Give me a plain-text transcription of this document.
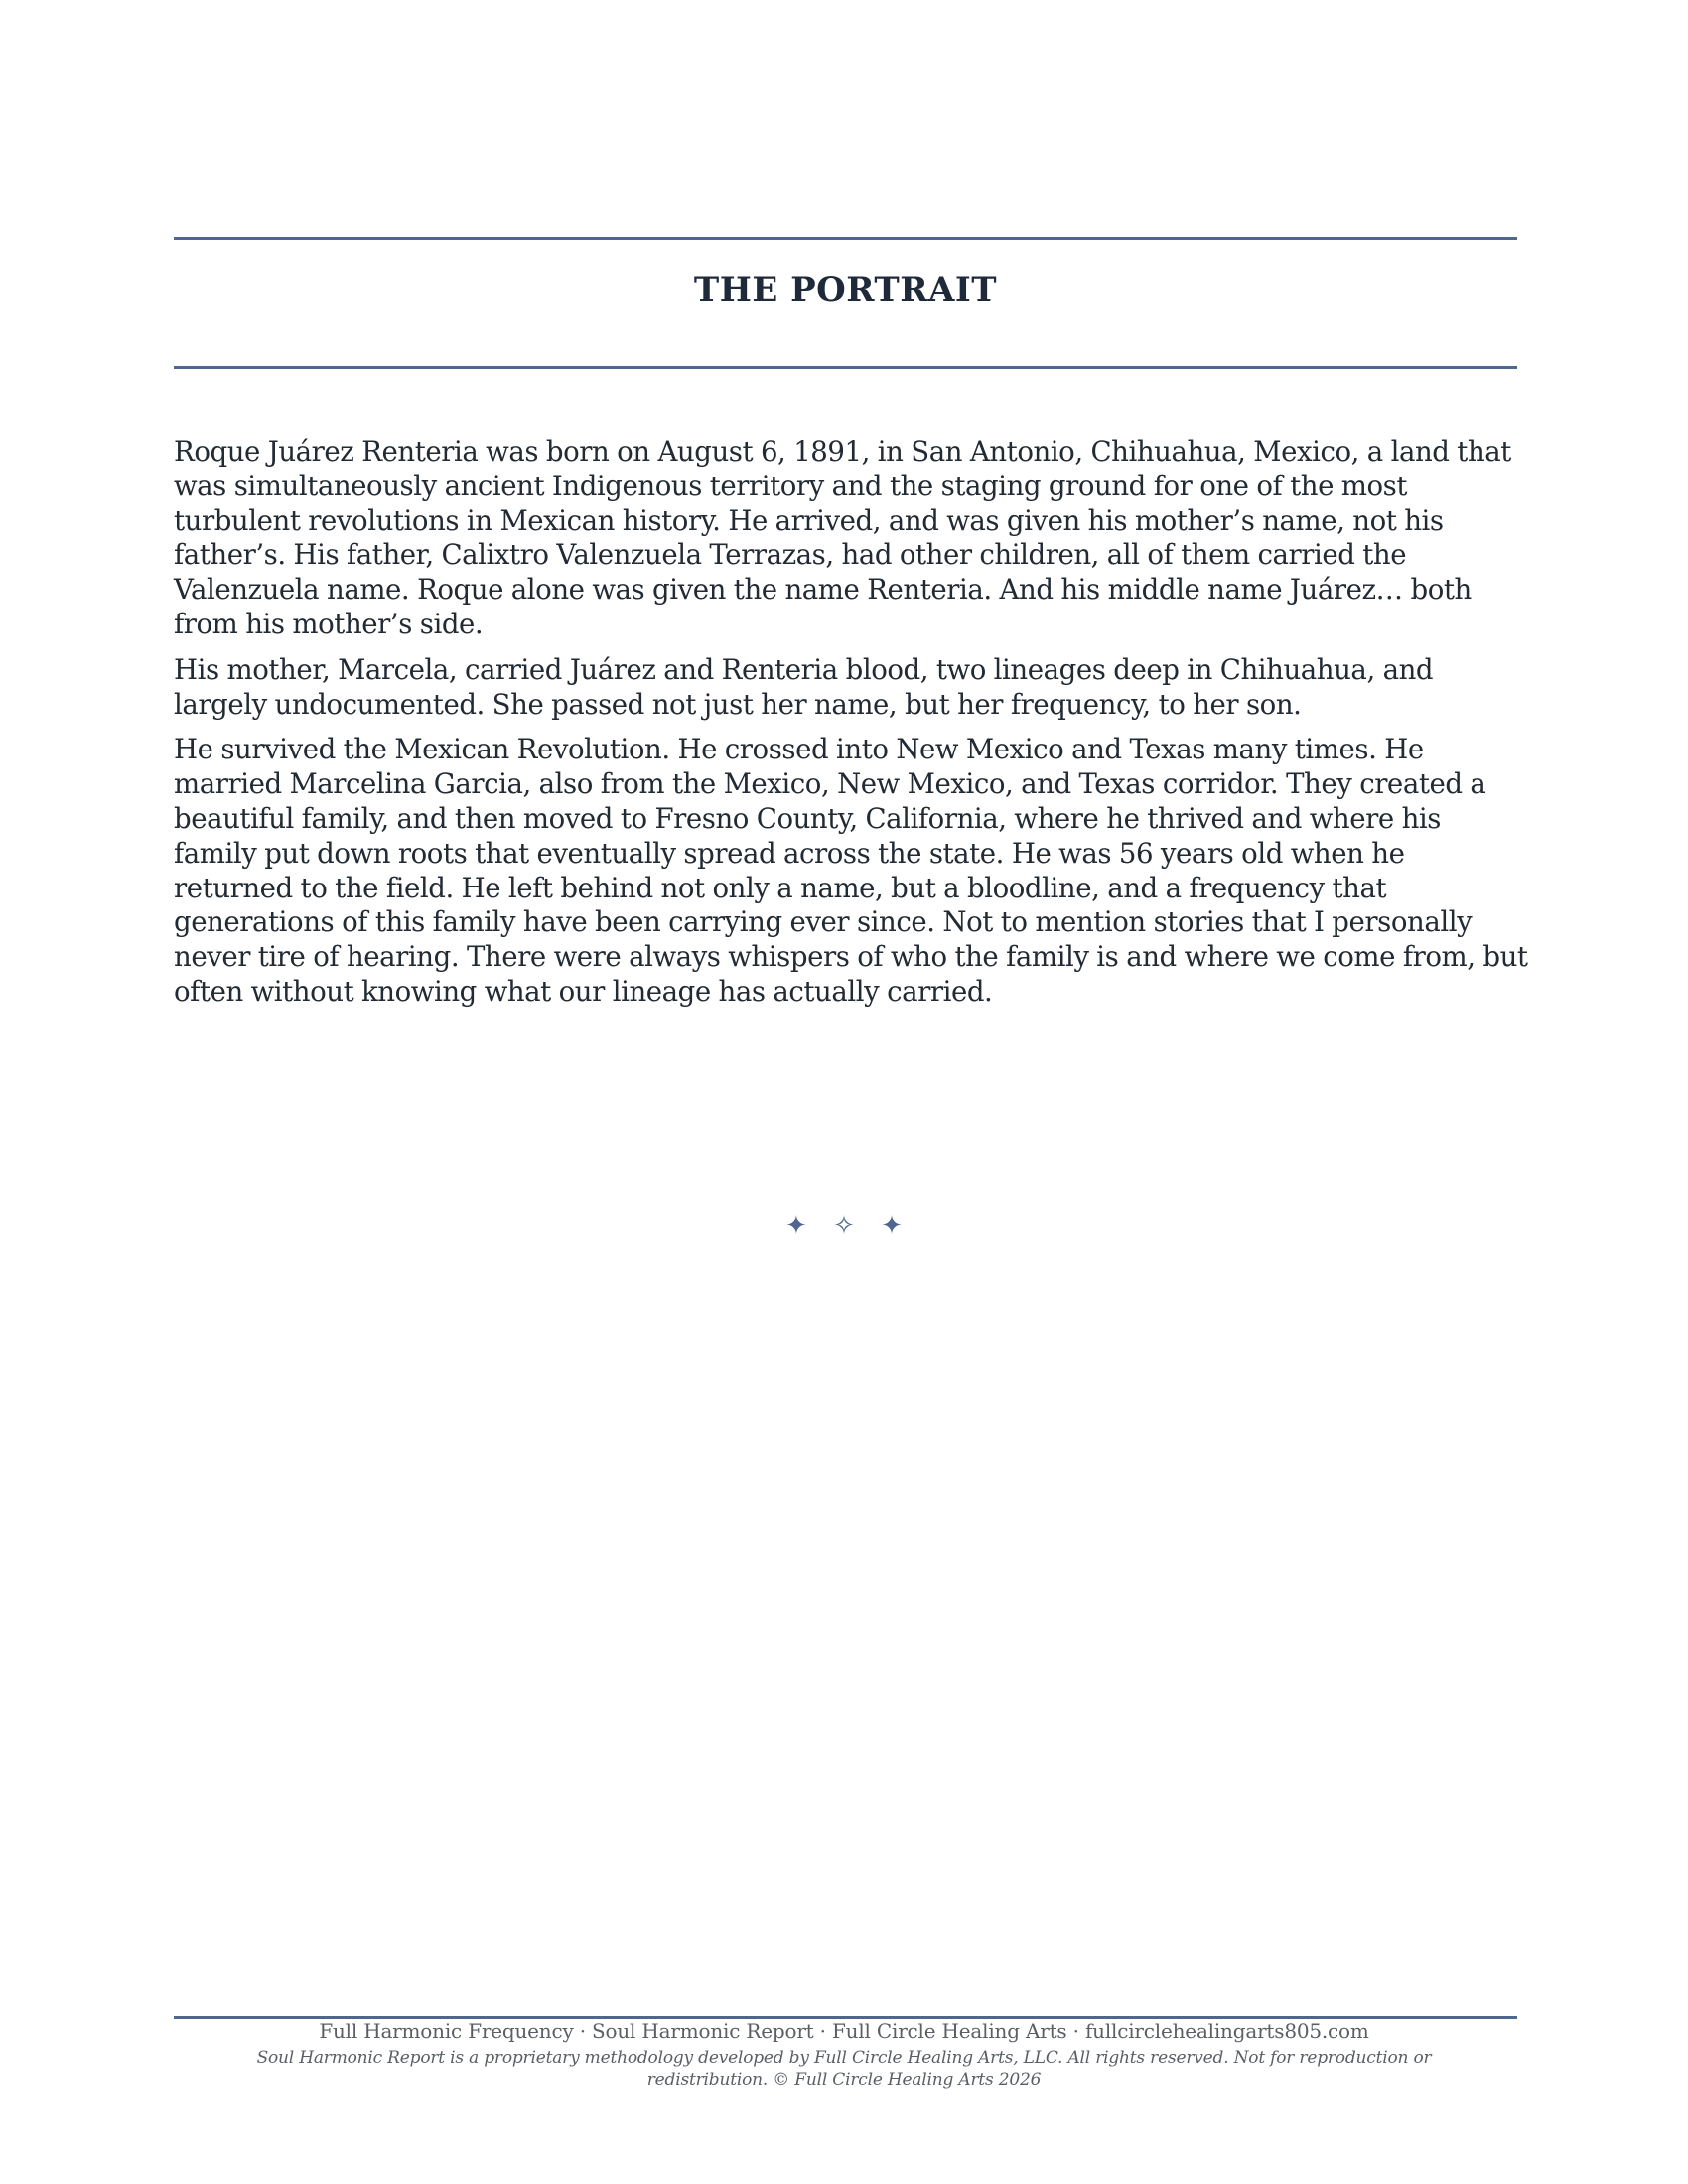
THE PORTRAIT

Roque Juárez Renteria was born on August 6, 1891, in San Antonio, Chihuahua, Mexico, a land that was simultaneously ancient Indigenous territory and the staging ground for one of the most turbulent revolutions in Mexican history. He arrived, and was given his mother’s name, not his father’s. His father, Calixtro Valenzuela Terrazas, had other children, all of them carried the Valenzuela name. Roque alone was given the name Renteria. And his middle name Juárez… both from his mother’s side.

His mother, Marcela, carried Juárez and Renteria blood, two lineages deep in Chihuahua, and largely undocumented. She passed not just her name, but her frequency, to her son.

He survived the Mexican Revolution. He crossed into New Mexico and Texas many times. He married Marcelina Garcia, also from the Mexico, New Mexico, and Texas corridor. They created a beautiful family, and then moved to Fresno County, California, where he thrived and where his family put down roots that eventually spread across the state. He was 56 years old when he returned to the field. He left behind not only a name, but a bloodline, and a frequency that generations of this family have been carrying ever since. Not to mention stories that I personally never tire of hearing. There were always whispers of who the family is and where we come from, but often without knowing what our lineage has actually carried.

✦ ✧ ✦
Full Harmonic Frequency · Soul Harmonic Report · Full Circle Healing Arts · fullcirclehealingarts805.com
Soul Harmonic Report is a proprietary methodology developed by Full Circle Healing Arts, LLC. All rights reserved. Not for reproduction or redistribution. © Full Circle Healing Arts 2026
